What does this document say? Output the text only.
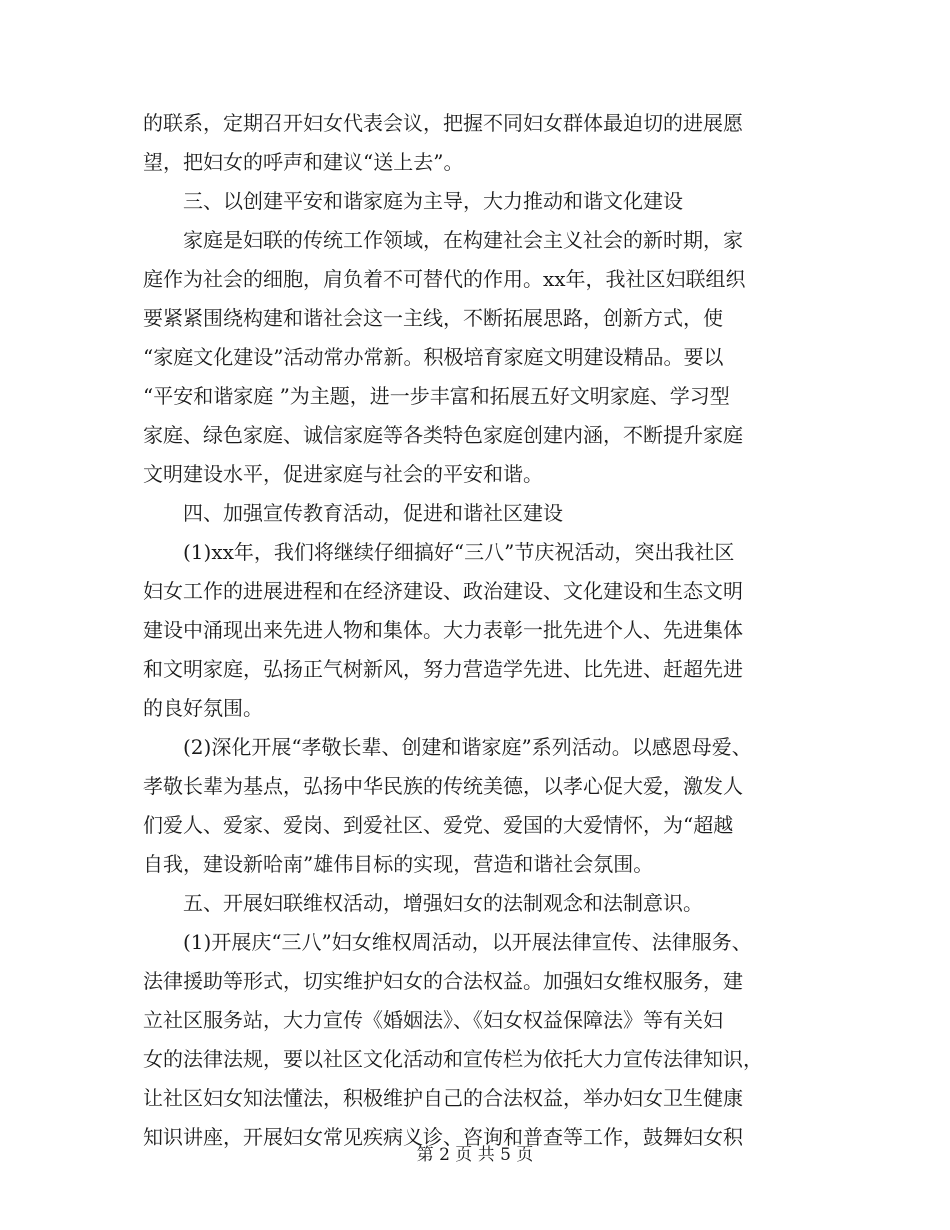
的联系，定期召开妇女代表会议，把握不同妇女群体最迫切的进展愿
望，把妇女的呼声和建议“送上去”。
三、以创建平安和谐家庭为主导，大力推动和谐文化建设
家庭是妇联的传统工作领域，在构建社会主义社会的新时期，家
庭作为社会的细胞，肩负着不可替代的作用。xx年，我社区妇联组织
要紧紧围绕构建和谐社会这一主线，不断拓展思路，创新方式，使
“家庭文化建设”活动常办常新。积极培育家庭文明建设精品。要以
“平安和谐家庭 ”为主题，进一步丰富和拓展五好文明家庭、学习型
家庭、绿色家庭、诚信家庭等各类特色家庭创建内涵，不断提升家庭
文明建设水平，促进家庭与社会的平安和谐。
四、加强宣传教育活动，促进和谐社区建设
(1)xx年，我们将继续仔细搞好“三八”节庆祝活动，突出我社区
妇女工作的进展进程和在经济建设、政治建设、文化建设和生态文明
建设中涌现出来先进人物和集体。大力表彰一批先进个人、先进集体
和文明家庭，弘扬正气树新风，努力营造学先进、比先进、赶超先进
的良好氛围。
(2)深化开展“孝敬长辈、创建和谐家庭”系列活动。以感恩母爱、
孝敬长辈为基点，弘扬中华民族的传统美德，以孝心促大爱，激发人
们爱人、爱家、爱岗、到爱社区、爱党、爱国的大爱情怀，为“超越
自我，建设新哈南”雄伟目标的实现，营造和谐社会氛围。
五、开展妇联维权活动，增强妇女的法制观念和法制意识。
(1)开展庆“三八”妇女维权周活动，以开展法律宣传、法律服务、
法律援助等形式，切实维护妇女的合法权益。加强妇女维权服务，建
立社区服务站，大力宣传《婚姻法》、《妇女权益保障法》等有关妇
女的法律法规，要以社区文化活动和宣传栏为依托大力宣传法律知识，
让社区妇女知法懂法，积极维护自己的合法权益，举办妇女卫生健康
知识讲座，开展妇女常见疾病义诊、咨询和普查等工作，鼓舞妇女积
第 2 页 共 5 页
